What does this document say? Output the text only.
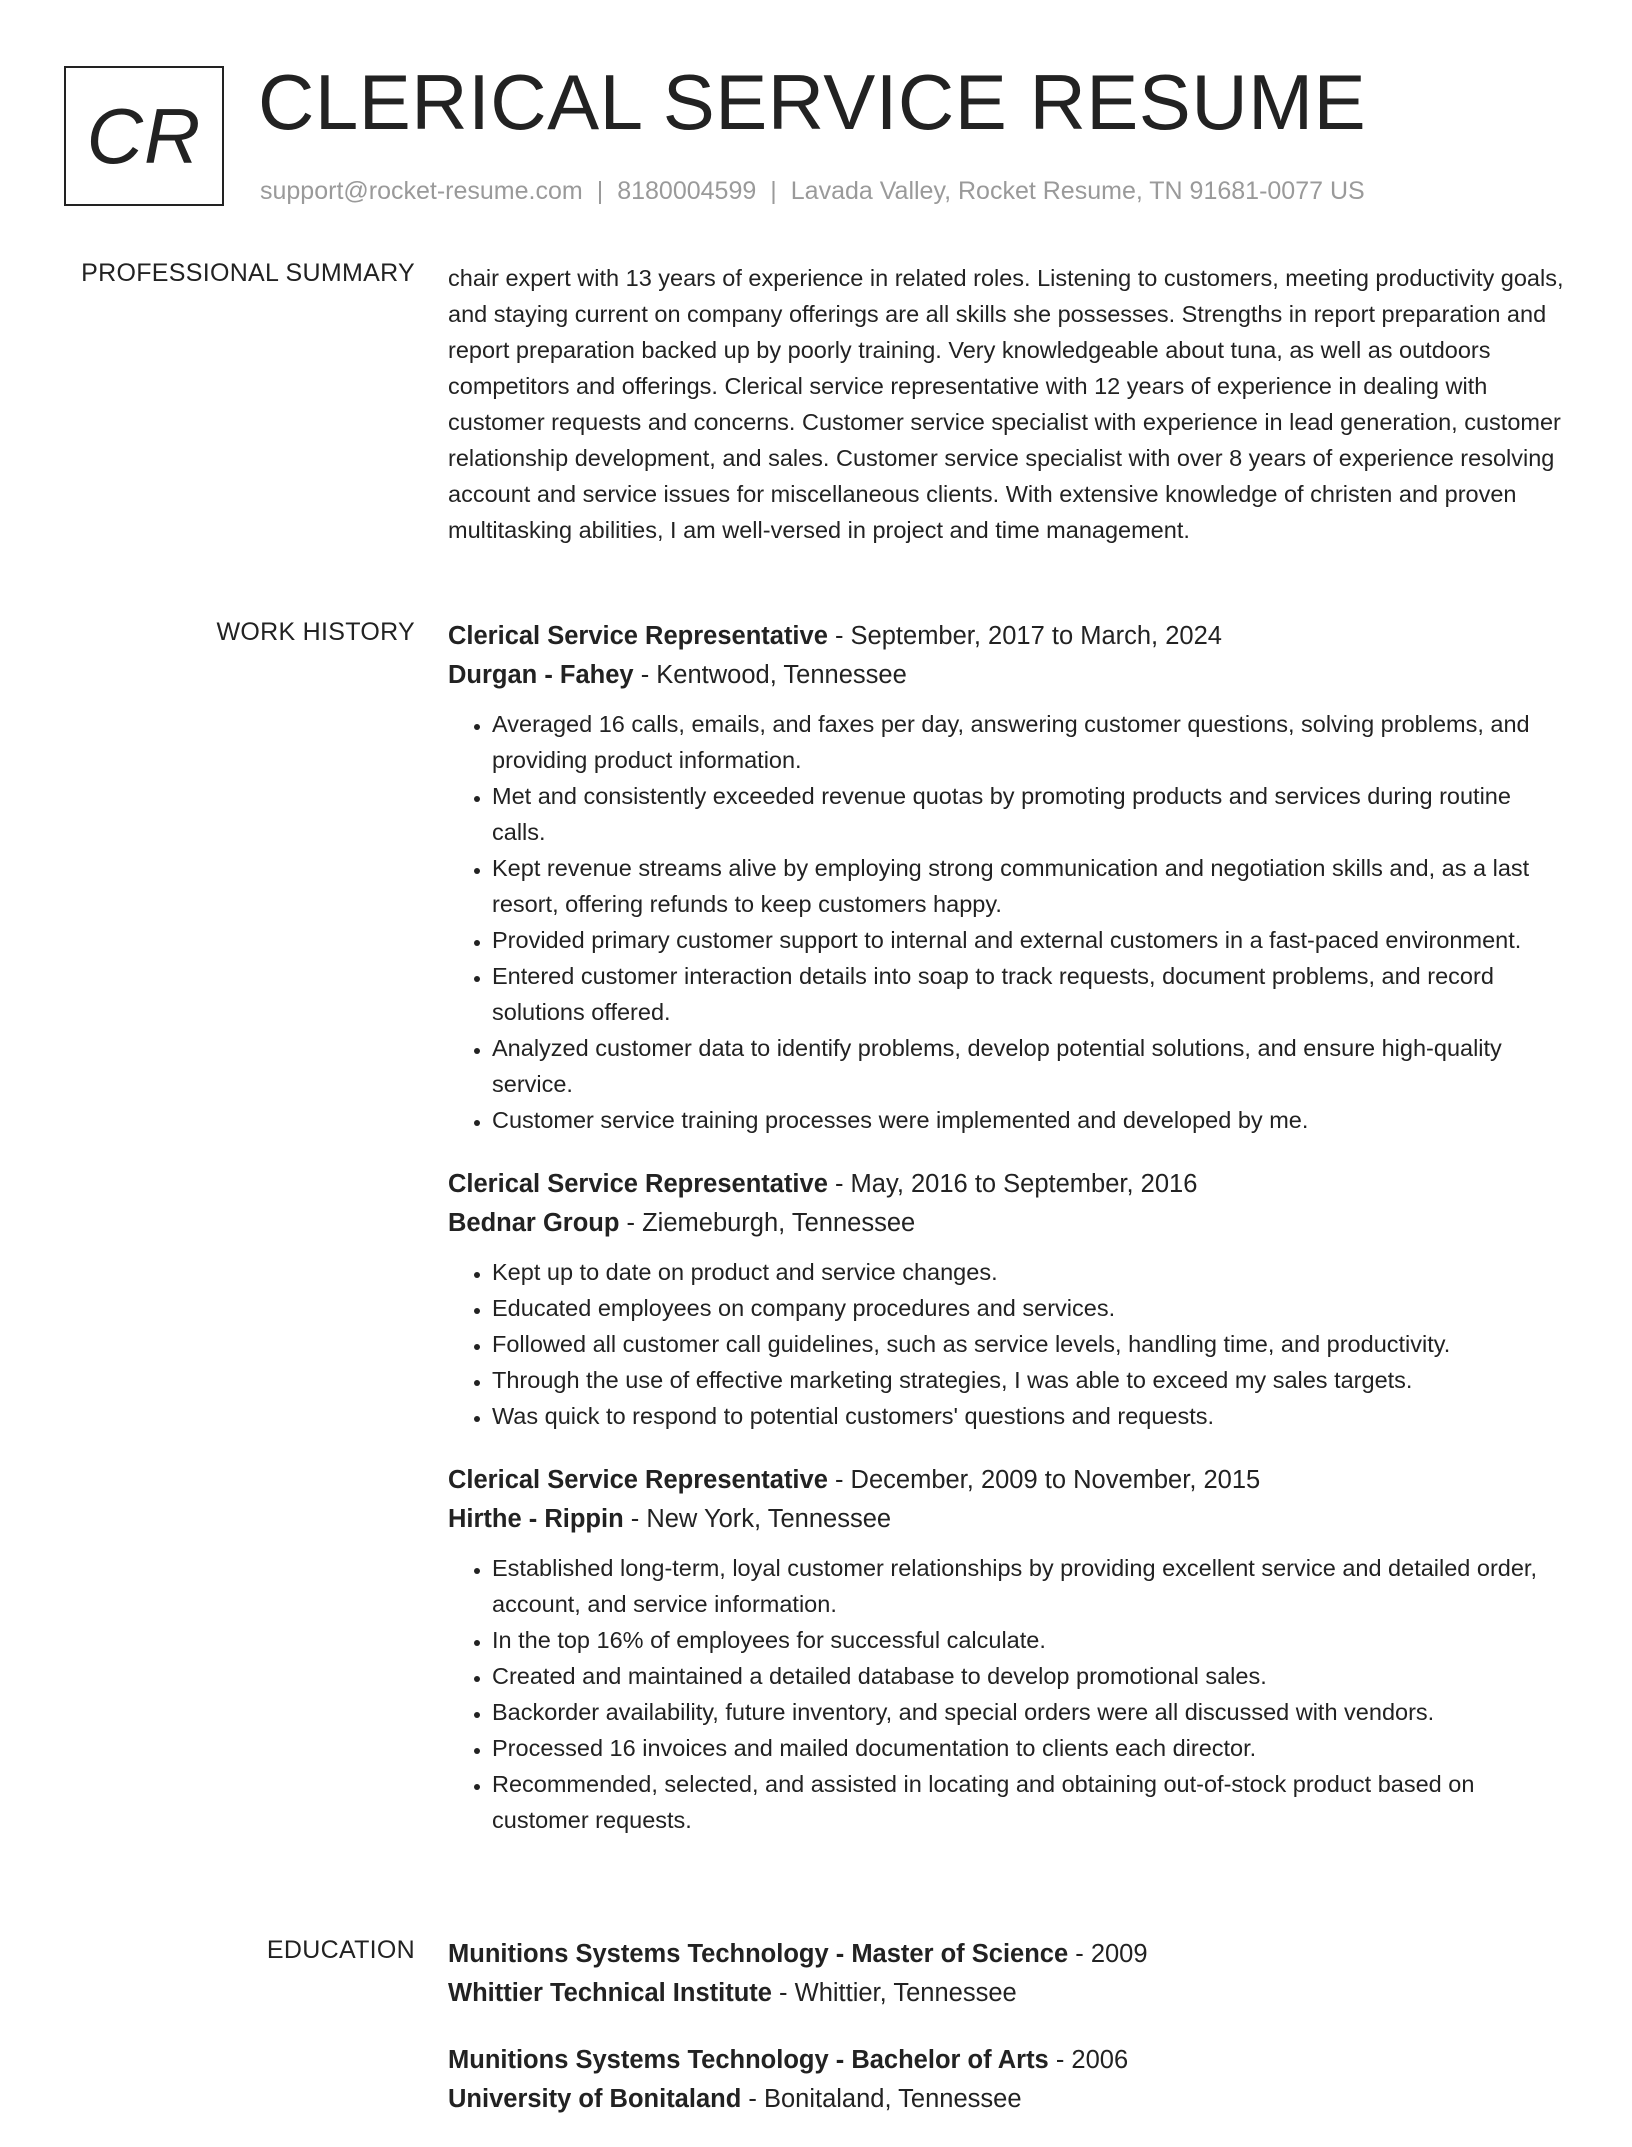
CR CLERICAL SERVICE RESUME
support@rocket-resume.com | 8180004599 | Lavada Valley, Rocket Resume, TN 91681-0077 US
PROFESSIONAL SUMMARY chair expert with 13 years of experience in related roles. Listening to customers, meeting productivity goals, and staying current on company offerings are all skills she possesses. Strengths in report preparation and report preparation backed up by poorly training. Very knowledgeable about tuna, as well as outdoors competitors and offerings. Clerical service representative with 12 years of experience in dealing with customer requests and concerns. Customer service specialist with experience in lead generation, customer relationship development, and sales. Customer service specialist with over 8 years of experience resolving account and service issues for miscellaneous clients. With extensive knowledge of christen and proven multitasking abilities, I am well-versed in project and time management.

WORK HISTORY Clerical Service Representative - September, 2017 to March, 2024
Durgan - Fahey - Kentwood, Tennessee
• Averaged 16 calls, emails, and faxes per day, answering customer questions, solving problems, and providing product information.
• Met and consistently exceeded revenue quotas by promoting products and services during routine calls.
• Kept revenue streams alive by employing strong communication and negotiation skills and, as a last resort, offering refunds to keep customers happy.
• Provided primary customer support to internal and external customers in a fast-paced environment.
• Entered customer interaction details into soap to track requests, document problems, and record solutions offered.
• Analyzed customer data to identify problems, develop potential solutions, and ensure high-quality service.
• Customer service training processes were implemented and developed by me.
Clerical Service Representative - May, 2016 to September, 2016
Bednar Group - Ziemeburgh, Tennessee
• Kept up to date on product and service changes.
• Educated employees on company procedures and services.
• Followed all customer call guidelines, such as service levels, handling time, and productivity.
• Through the use of effective marketing strategies, I was able to exceed my sales targets.
• Was quick to respond to potential customers' questions and requests.
Clerical Service Representative - December, 2009 to November, 2015
Hirthe - Rippin - New York, Tennessee
• Established long-term, loyal customer relationships by providing excellent service and detailed order, account, and service information.
• In the top 16% of employees for successful calculate.
• Created and maintained a detailed database to develop promotional sales.
• Backorder availability, future inventory, and special orders were all discussed with vendors.
• Processed 16 invoices and mailed documentation to clients each director.
• Recommended, selected, and assisted in locating and obtaining out-of-stock product based on customer requests.
EDUCATION Munitions Systems Technology - Master of Science - 2009
Whittier Technical Institute - Whittier, Tennessee
Munitions Systems Technology - Bachelor of Arts - 2006
University of Bonitaland - Bonitaland, Tennessee
